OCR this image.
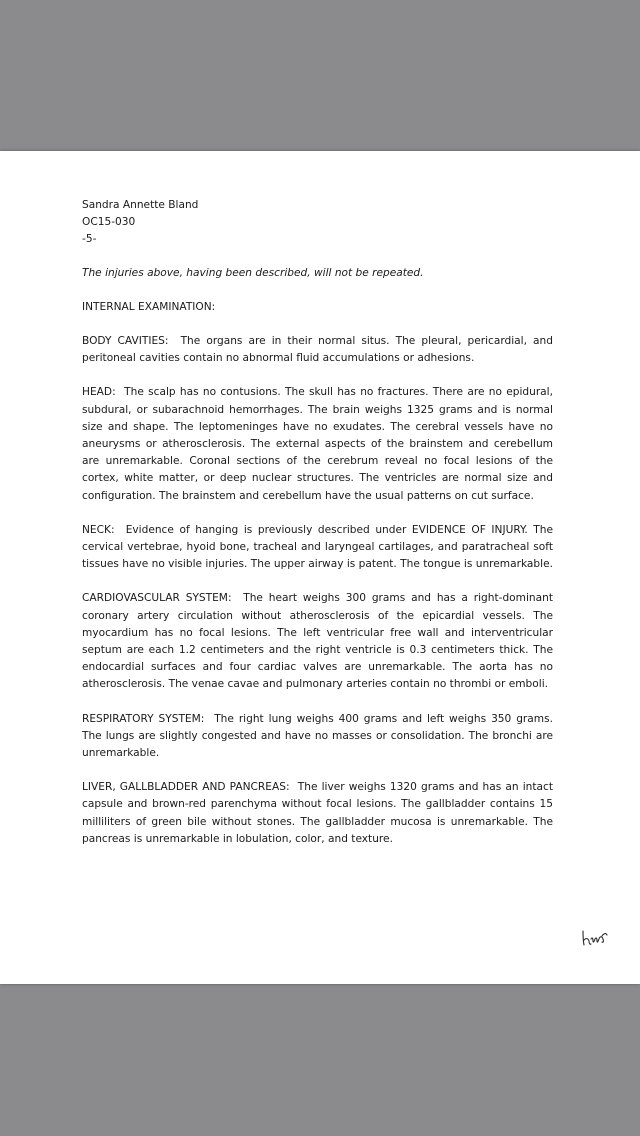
Sandra Annette Bland
OC15-030
-5-
The injuries above, having been described, will not be repeated.
INTERNAL EXAMINATION:
BODY CAVITIES: The organs are in their normal situs. The pleural, pericardial, and peritoneal cavities contain no abnormal fluid accumulations or adhesions.
HEAD: The scalp has no contusions. The skull has no fractures. There are no epidural, subdural, or subarachnoid hemorrhages. The brain weighs 1325 grams and is normal size and shape. The leptomeninges have no exudates. The cerebral vessels have no aneurysms or atherosclerosis. The external aspects of the brainstem and cerebellum are unremarkable. Coronal sections of the cerebrum reveal no focal lesions of the cortex, white matter, or deep nuclear structures. The ventricles are normal size and configuration. The brainstem and cerebellum have the usual patterns on cut surface.
NECK: Evidence of hanging is previously described under EVIDENCE OF INJURY. The cervical vertebrae, hyoid bone, tracheal and laryngeal cartilages, and paratracheal soft tissues have no visible injuries. The upper airway is patent. The tongue is unremarkable.
CARDIOVASCULAR SYSTEM: The heart weighs 300 grams and has a right-dominant coronary artery circulation without atherosclerosis of the epicardial vessels. The myocardium has no focal lesions. The left ventricular free wall and interventricular septum are each 1.2 centimeters and the right ventricle is 0.3 centimeters thick. The endocardial surfaces and four cardiac valves are unremarkable. The aorta has no atherosclerosis. The venae cavae and pulmonary arteries contain no thrombi or emboli.
RESPIRATORY SYSTEM: The right lung weighs 400 grams and left weighs 350 grams. The lungs are slightly congested and have no masses or consolidation. The bronchi are unremarkable.
LIVER, GALLBLADDER AND PANCREAS: The liver weighs 1320 grams and has an intact capsule and brown-red parenchyma without focal lesions. The gallbladder contains 15 milliliters of green bile without stones. The gallbladder mucosa is unremarkable. The pancreas is unremarkable in lobulation, color, and texture.
